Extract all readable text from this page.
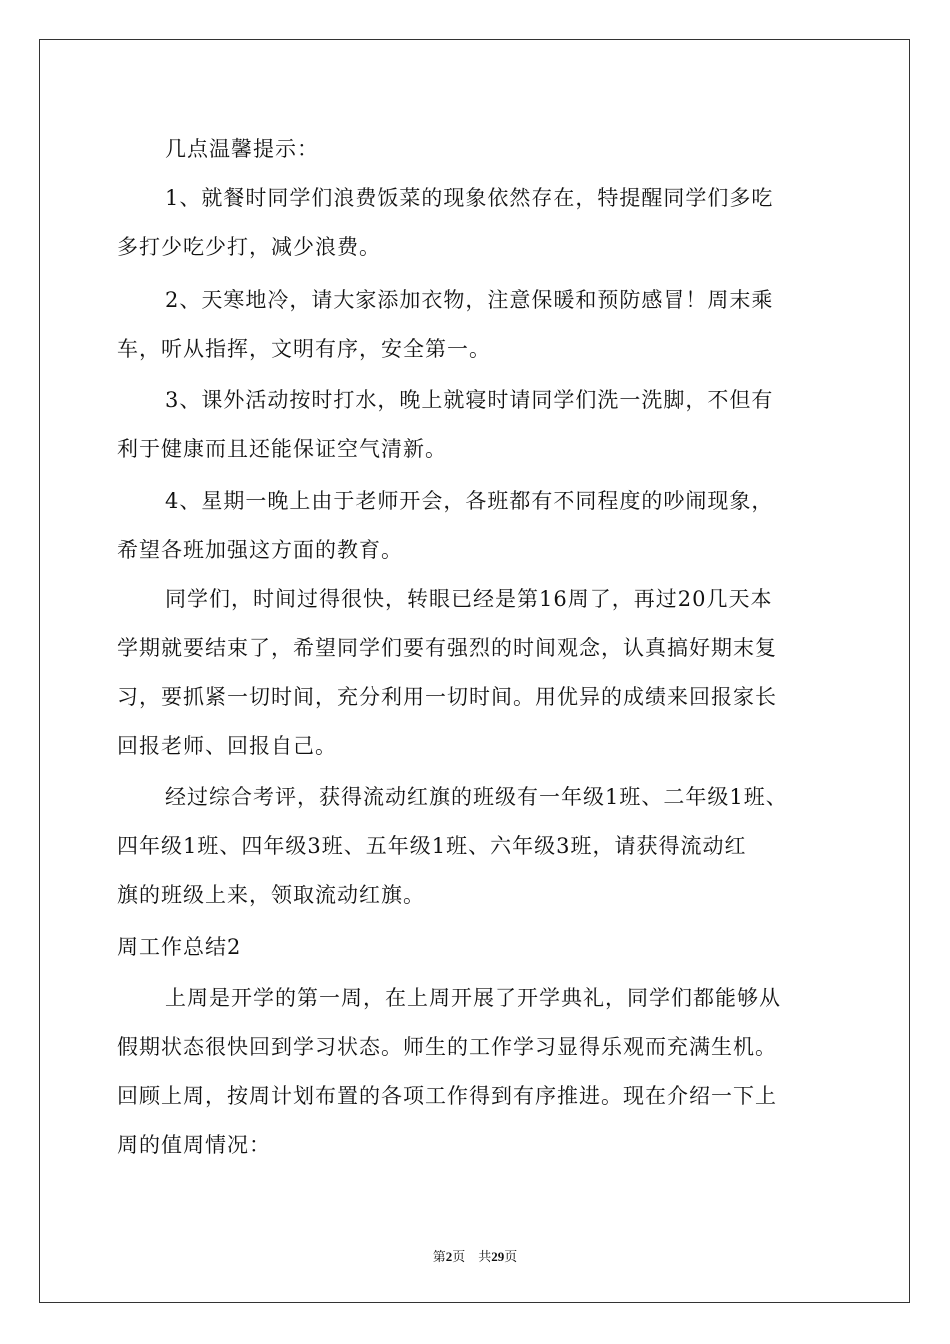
几点温馨提示：
1、就餐时同学们浪费饭菜的现象依然存在，特提醒同学们多吃
多打少吃少打，减少浪费。
2、天寒地冷，请大家添加衣物，注意保暖和预防感冒！周末乘
车，听从指挥，文明有序，安全第一。
3、课外活动按时打水，晚上就寝时请同学们洗一洗脚，不但有
利于健康而且还能保证空气清新。
4、星期一晚上由于老师开会，各班都有不同程度的吵闹现象，
希望各班加强这方面的教育。
同学们，时间过得很快，转眼已经是第16周了，再过20几天本
学期就要结束了，希望同学们要有强烈的时间观念，认真搞好期末复
习，要抓紧一切时间，充分利用一切时间。用优异的成绩来回报家长
回报老师、回报自己。
经过综合考评，获得流动红旗的班级有一年级1班、二年级1班、
四年级1班、四年级3班、五年级1班、六年级3班，请获得流动红
旗的班级上来，领取流动红旗。
周工作总结2
上周是开学的第一周，在上周开展了开学典礼，同学们都能够从
假期状态很快回到学习状态。师生的工作学习显得乐观而充满生机。
回顾上周，按周计划布置的各项工作得到有序推进。现在介绍一下上
周的值周情况：
第2页　共29页
